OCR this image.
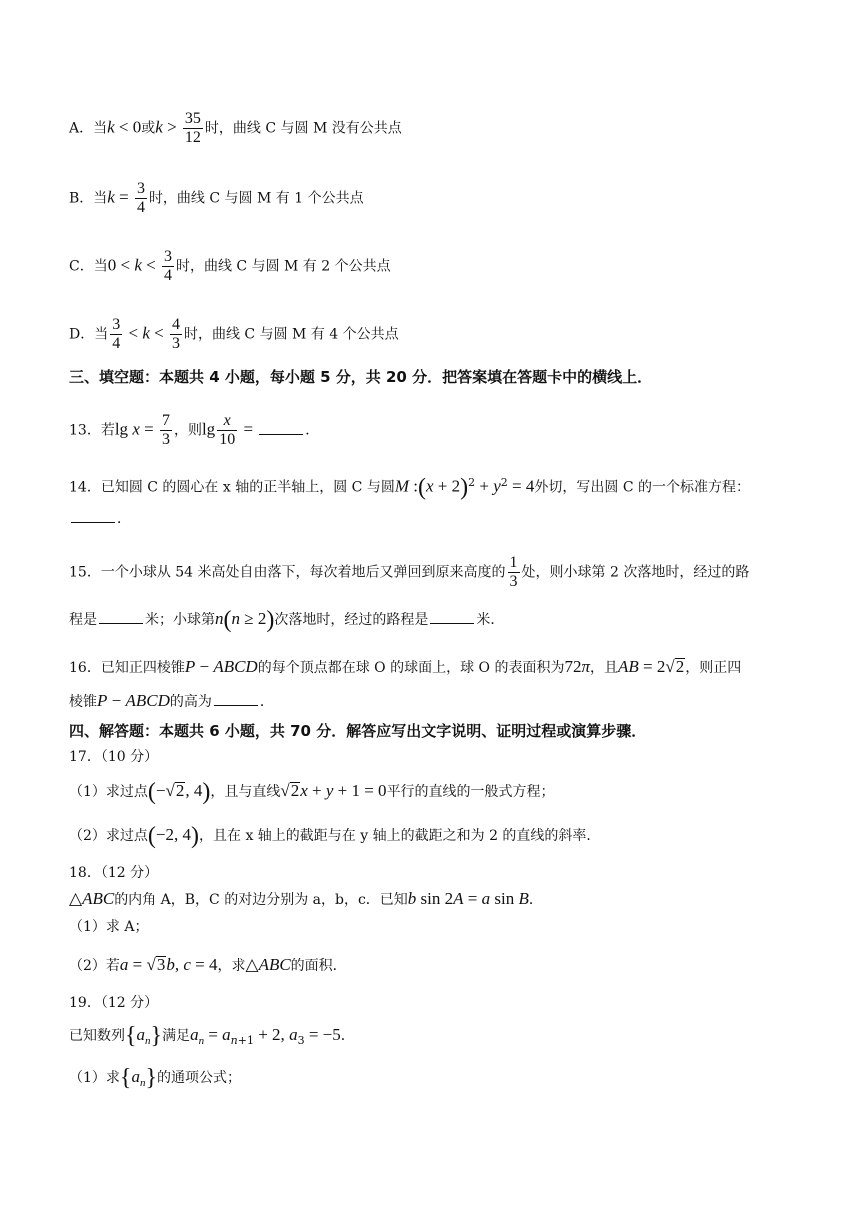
A．当k < 0或$k > \frac{35}{12}$ 时，曲线 C 与圆 M 没有公共点
B．当$k = \frac{3}{4}$ 时，曲线 C 与圆 M 有 1 个公共点
C．当$0 < k < \frac{3}{4}$ 时，曲线 C 与圆 M 有 2 个公共点
D．当 $\frac{3}{4} < k < \frac{4}{3}$ 时，曲线 C 与圆 M 有 4 个公共点
三、填空题：本题共 4 小题，每小题 5 分，共 20 分．把答案填在答题卡中的横线上．
13．若$\lg x = \frac{7}{3}$ ，则$\lg \frac{x}{10}$ =	．
14．已知圆 C 的圆心在 x 轴的正半轴上，圆 C 与圆M :(x + $2)^2 + y^2 = 4$外切，写出圆 C 的一个标准方程：
．
15．一个小球从 54 米高处自由落下，每次着地后又弹回到原来高度的 $\frac{1}{3}$ 处，则小球第 2 次落地时，经过的路
程是	米；小球第n(n ≥ 2)次落地时，经过的路程是	米．
16．已知正四棱锥P − ABCD的每个顶点都在球 O 的球面上，球 O 的表面积为72π，且AB = 2√2，则正四
棱锥P − ABCD的高为	．
四、解答题：本题共 6 小题，共 70 分．解答应写出文字说明、证明过程或演算步骤．
17．（10 分）
（1）求过点(−√2, 4)，且与直线√2x + y + 1 = 0平行的直线的一般式方程；
（2）求过点(−2, 4)，且在 x 轴上的截距与在 y 轴上的截距之和为 2 的直线的斜率．
18．（12 分）
△ABC的内角 A，B，C 的对边分别为 a，b，c．已知b sin 2A = a sin B．
（1）求 A；
（2）若a = √3b, c = 4，求△ABC的面积．
19．（12 分）
已知数列$\{a_n\}$满足$a_n = a_{n+1} + 2$, $a_3 = -5$．
（1）求$\{a_n\}$的通项公式；
